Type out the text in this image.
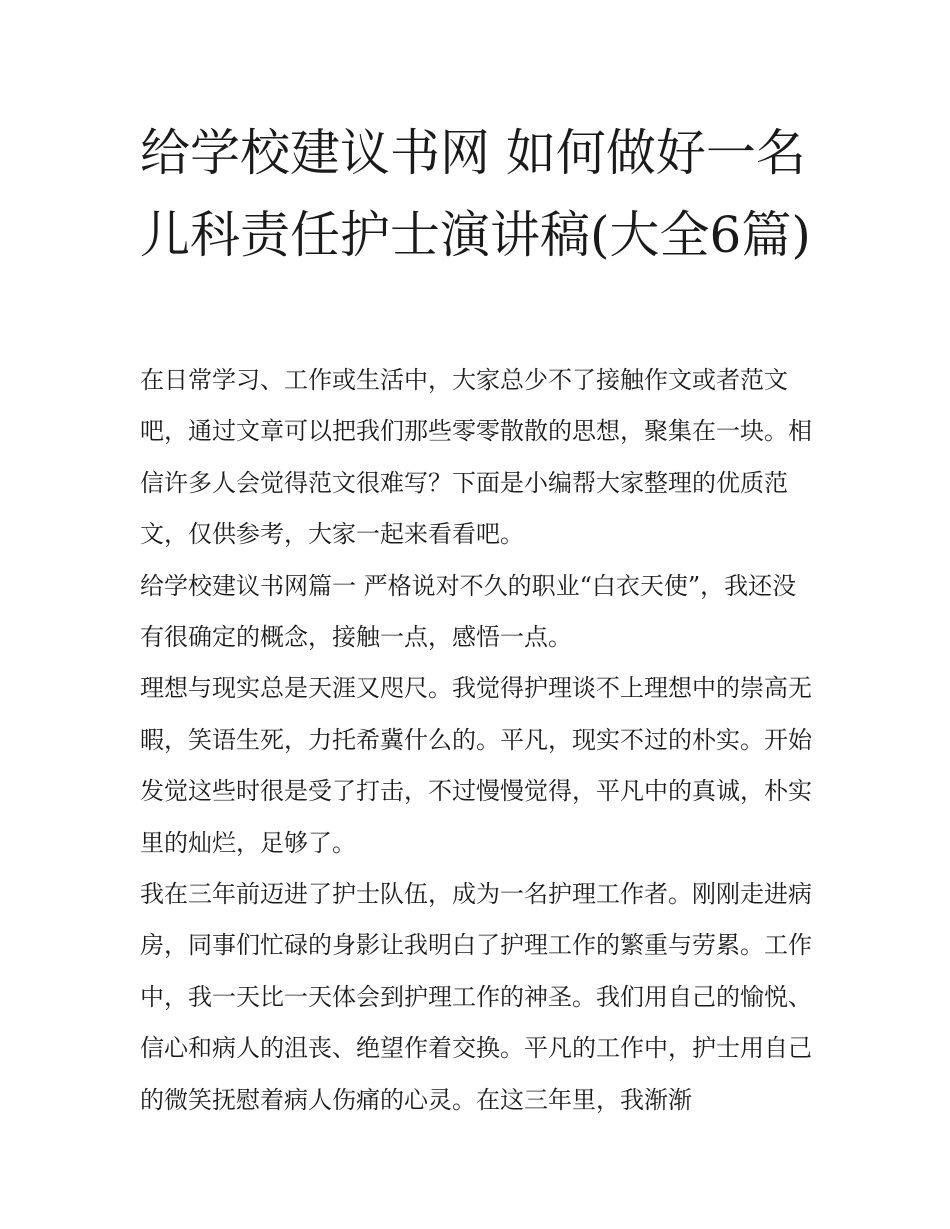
给学校建议书网 如何做好一名儿科责任护士演讲稿(大全6篇)

在日常学习、工作或生活中，大家总少不了接触作文或者范文吧，通过文章可以把我们那些零零散散的思想，聚集在一块。相信许多人会觉得范文很难写？下面是小编帮大家整理的优质范文，仅供参考，大家一起来看看吧。

给学校建议书网篇一 严格说对不久的职业“白衣天使”，我还没有很确定的概念，接触一点，感悟一点。

理想与现实总是天涯又咫尺。我觉得护理谈不上理想中的崇高无暇，笑语生死，力托希冀什么的。平凡，现实不过的朴实。开始发觉这些时很是受了打击，不过慢慢觉得，平凡中的真诚，朴实里的灿烂，足够了。

我在三年前迈进了护士队伍，成为一名护理工作者。刚刚走进病房，同事们忙碌的身影让我明白了护理工作的繁重与劳累。工作中，我一天比一天体会到护理工作的神圣。我们用自己的愉悦、信心和病人的沮丧、绝望作着交换。平凡的工作中，护士用自己的微笑抚慰着病人伤痛的心灵。在这三年里，我渐渐
